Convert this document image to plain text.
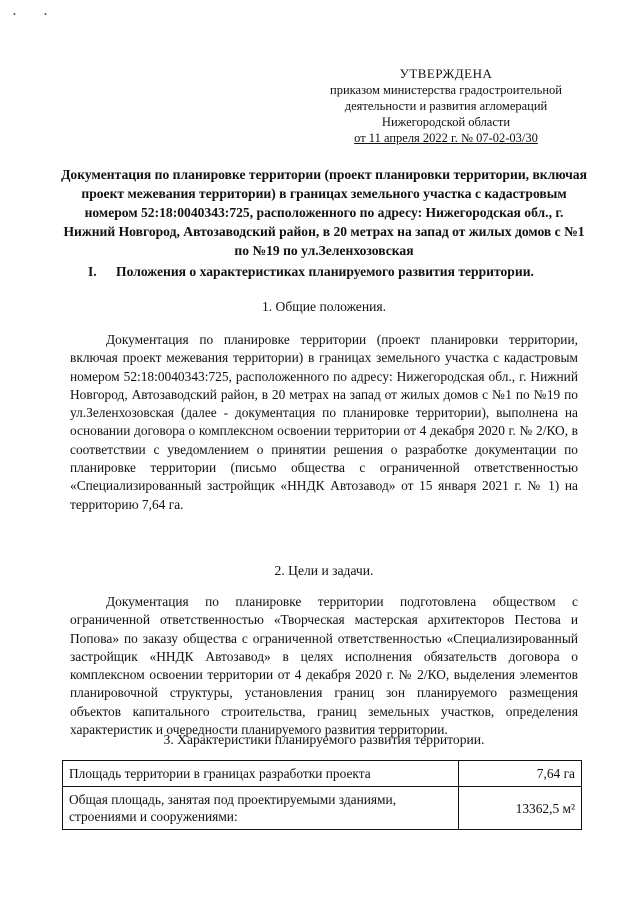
•	•
УТВЕРЖДЕНА
приказом министерства градостроительной
деятельности и развития агломераций
Нижегородской области
от 11 апреля 2022 г. № 07-02-03/30
Документация по планировке территории (проект планировки территории, включая проект межевания территории) в границах земельного участка с кадастровым номером 52:18:0040343:725, расположенного по адресу: Нижегородская обл., г. Нижний Новгород, Автозаводский район, в 20 метрах на запад от жилых домов с №1 по №19 по ул.Зеленхозовская
I. Положения о характеристиках планируемого развития территории.
1. Общие положения.
Документация по планировке территории (проект планировки территории, включая проект межевания территории) в границах земельного участка с кадастровым номером 52:18:0040343:725, расположенного по адресу: Нижегородская обл., г. Нижний Новгород, Автозаводский район, в 20 метрах на запад от жилых домов с №1 по №19 по ул.Зеленхозовская (далее - документация по планировке территории), выполнена на основании договора о комплексном освоении территории от 4 декабря 2020 г. № 2/КО, в соответствии с уведомлением о принятии решения о разработке документации по планировке территории (письмо общества с ограниченной ответственностью «Специализированный застройщик «ННДК Автозавод» от 15 января 2021 г. № 1) на территорию 7,64 га.
2. Цели и задачи.
Документация по планировке территории подготовлена обществом с ограниченной ответственностью «Творческая мастерская архитекторов Пестова и Попова» по заказу общества с ограниченной ответственностью «Специализированный застройщик «ННДК Автозавод» в целях исполнения обязательств договора о комплексном освоении территории от 4 декабря 2020 г. № 2/КО, выделения элементов планировочной структуры, установления границ зон планируемого размещения объектов капитального строительства, границ земельных участков, определения характеристик и очередности планируемого развития территории.
3. Характеристики планируемого развития территории.
Площадь территории в границах разработки проекта	7,64 га
Общая площадь, занятая под проектируемыми зданиями, строениями и сооружениями:	13362,5 м²
